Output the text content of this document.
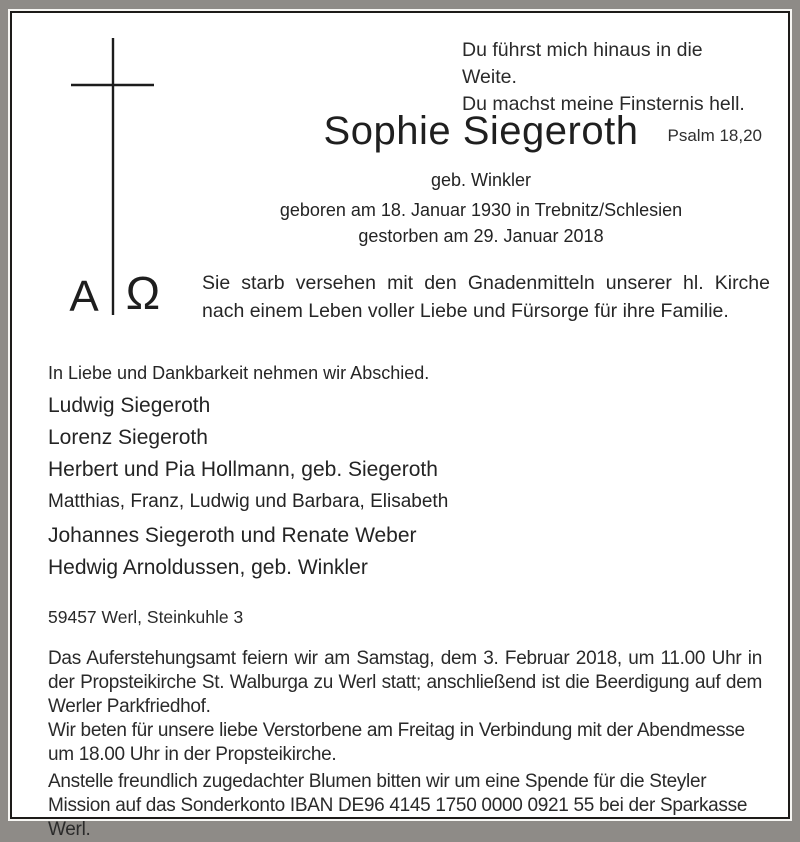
Du führst mich hinaus in die Weite.
Du machst meine Finsternis hell.
Psalm 18,20
A Ω
Sophie Siegeroth
geb. Winkler
geboren am 18. Januar 1930 in Trebnitz/Schlesien
gestorben am 29. Januar 2018
Sie starb versehen mit den Gnadenmitteln unserer hl. Kirche nach einem Leben voller Liebe und Fürsorge für ihre Familie.
In Liebe und Dankbarkeit nehmen wir Abschied.
Ludwig Siegeroth
Lorenz Siegeroth
Herbert und Pia Hollmann, geb. Siegeroth
Matthias, Franz, Ludwig und Barbara, Elisabeth
Johannes Siegeroth und Renate Weber
Hedwig Arnoldussen, geb. Winkler
59457 Werl, Steinkuhle 3
Das Auferstehungsamt feiern wir am Samstag, dem 3. Februar 2018, um 11.00 Uhr in der Propsteikirche St. Walburga zu Werl statt; anschließend ist die Beerdigung auf dem Werler Parkfriedhof.
Wir beten für unsere liebe Verstorbene am Freitag in Verbindung mit der Abendmesse um 18.00 Uhr in der Propsteikirche.
Anstelle freundlich zugedachter Blumen bitten wir um eine Spende für die Steyler Mission auf das Sonderkonto IBAN DE96 4145 1750 0000 0921 55 bei der Sparkasse Werl.
